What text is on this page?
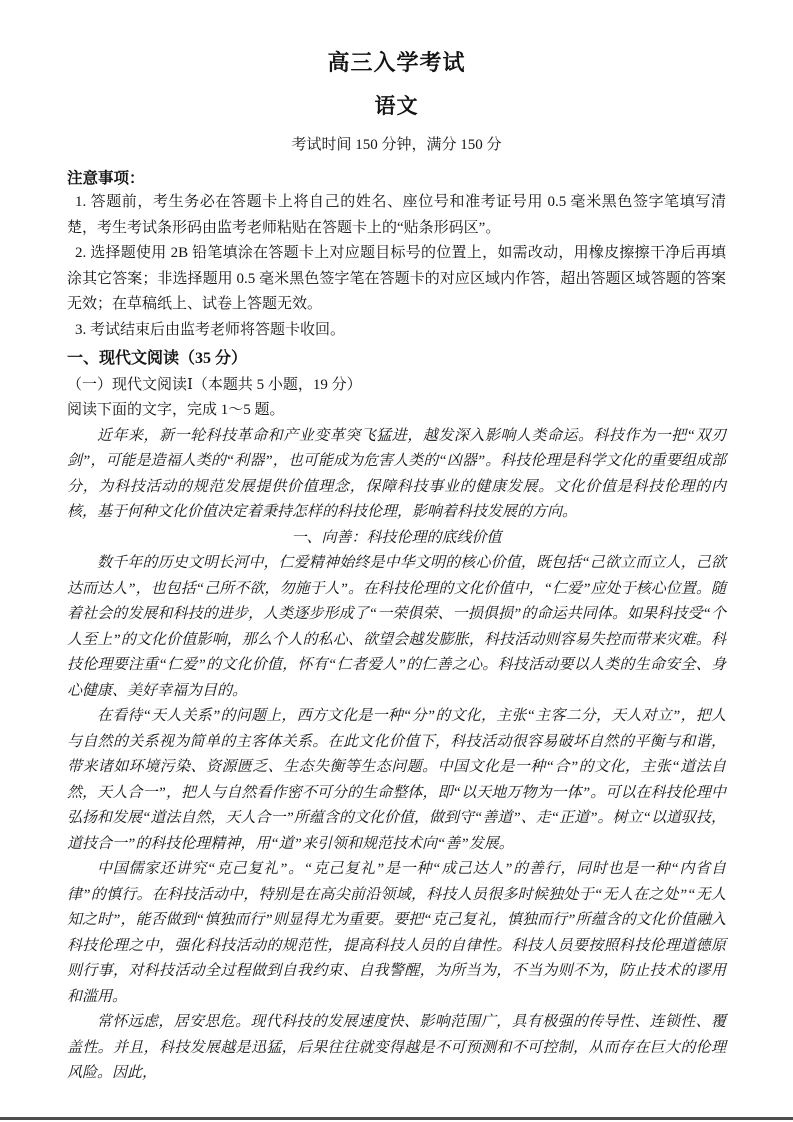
高三入学考试
语文
考试时间 150 分钟，满分 150 分
注意事项：

1. 答题前，考生务必在答题卡上将自己的姓名、座位号和准考证号用 0.5 毫米黑色签字笔填写清楚，考生考试条形码由监考老师粘贴在答题卡上的“贴条形码区”。

2. 选择题使用 2B 铅笔填涂在答题卡上对应题目标号的位置上，如需改动，用橡皮擦擦干净后再填涂其它答案；非选择题用 0.5 毫米黑色签字笔在答题卡的对应区域内作答，超出答题区域答题的答案无效；在草稿纸上、试卷上答题无效。

3. 考试结束后由监考老师将答题卡收回。

一、现代文阅读（35 分）
（一）现代文阅读Ⅰ（本题共 5 小题，19 分）
阅读下面的文字，完成 1～5 题。

近年来，新一轮科技革命和产业变革突飞猛进，越发深入影响人类命运。科技作为一把“双刃剑”，可能是造福人类的“利器”，也可能成为危害人类的“凶器”。科技伦理是科学文化的重要组成部分，为科技活动的规范发展提供价值理念，保障科技事业的健康发展。文化价值是科技伦理的内核，基于何种文化价值决定着秉持怎样的科技伦理，影响着科技发展的方向。

一、向善：科技伦理的底线价值

数千年的历史文明长河中，仁爱精神始终是中华文明的核心价值，既包括“己欲立而立人，己欲达而达人”，也包括“己所不欲，勿施于人”。在科技伦理的文化价值中，“仁爱”应处于核心位置。随着社会的发展和科技的进步，人类逐步形成了“一荣俱荣、一损俱损”的命运共同体。如果科技受“个人至上”的文化价值影响，那么个人的私心、欲望会越发膨胀，科技活动则容易失控而带来灾难。科技伦理要注重“仁爱”的文化价值，怀有“仁者爱人”的仁善之心。科技活动要以人类的生命安全、身心健康、美好幸福为目的。

在看待“天人关系”的问题上，西方文化是一种“分”的文化，主张“主客二分，天人对立”，把人与自然的关系视为简单的主客体关系。在此文化价值下，科技活动很容易破坏自然的平衡与和谐，带来诸如环境污染、资源匮乏、生态失衡等生态问题。中国文化是一种“合”的文化，主张“道法自然，天人合一”，把人与自然看作密不可分的生命整体，即“以天地万物为一体”。可以在科技伦理中弘扬和发展“道法自然，天人合一”所蕴含的文化价值，做到守“善道”、走“正道”。树立“以道驭技，道技合一”的科技伦理精神，用“道”来引领和规范技术向“善”发展。

中国儒家还讲究“克己复礼”。“克己复礼”是一种“成己达人”的善行，同时也是一种“内省自律”的慎行。在科技活动中，特别是在高尖前沿领域，科技人员很多时候独处于“无人在之处”“无人知之时”，能否做到“慎独而行”则显得尤为重要。要把“克己复礼，慎独而行”所蕴含的文化价值融入科技伦理之中，强化科技活动的规范性，提高科技人员的自律性。科技人员要按照科技伦理道德原则行事，对科技活动全过程做到自我约束、自我警醒，为所当为，不当为则不为，防止技术的谬用和滥用。

常怀远虑，居安思危。现代科技的发展速度快、影响范围广，具有极强的传导性、连锁性、覆盖性。并且，科技发展越是迅猛，后果往往就变得越是不可预测和不可控制，从而存在巨大的伦理风险。因此，
